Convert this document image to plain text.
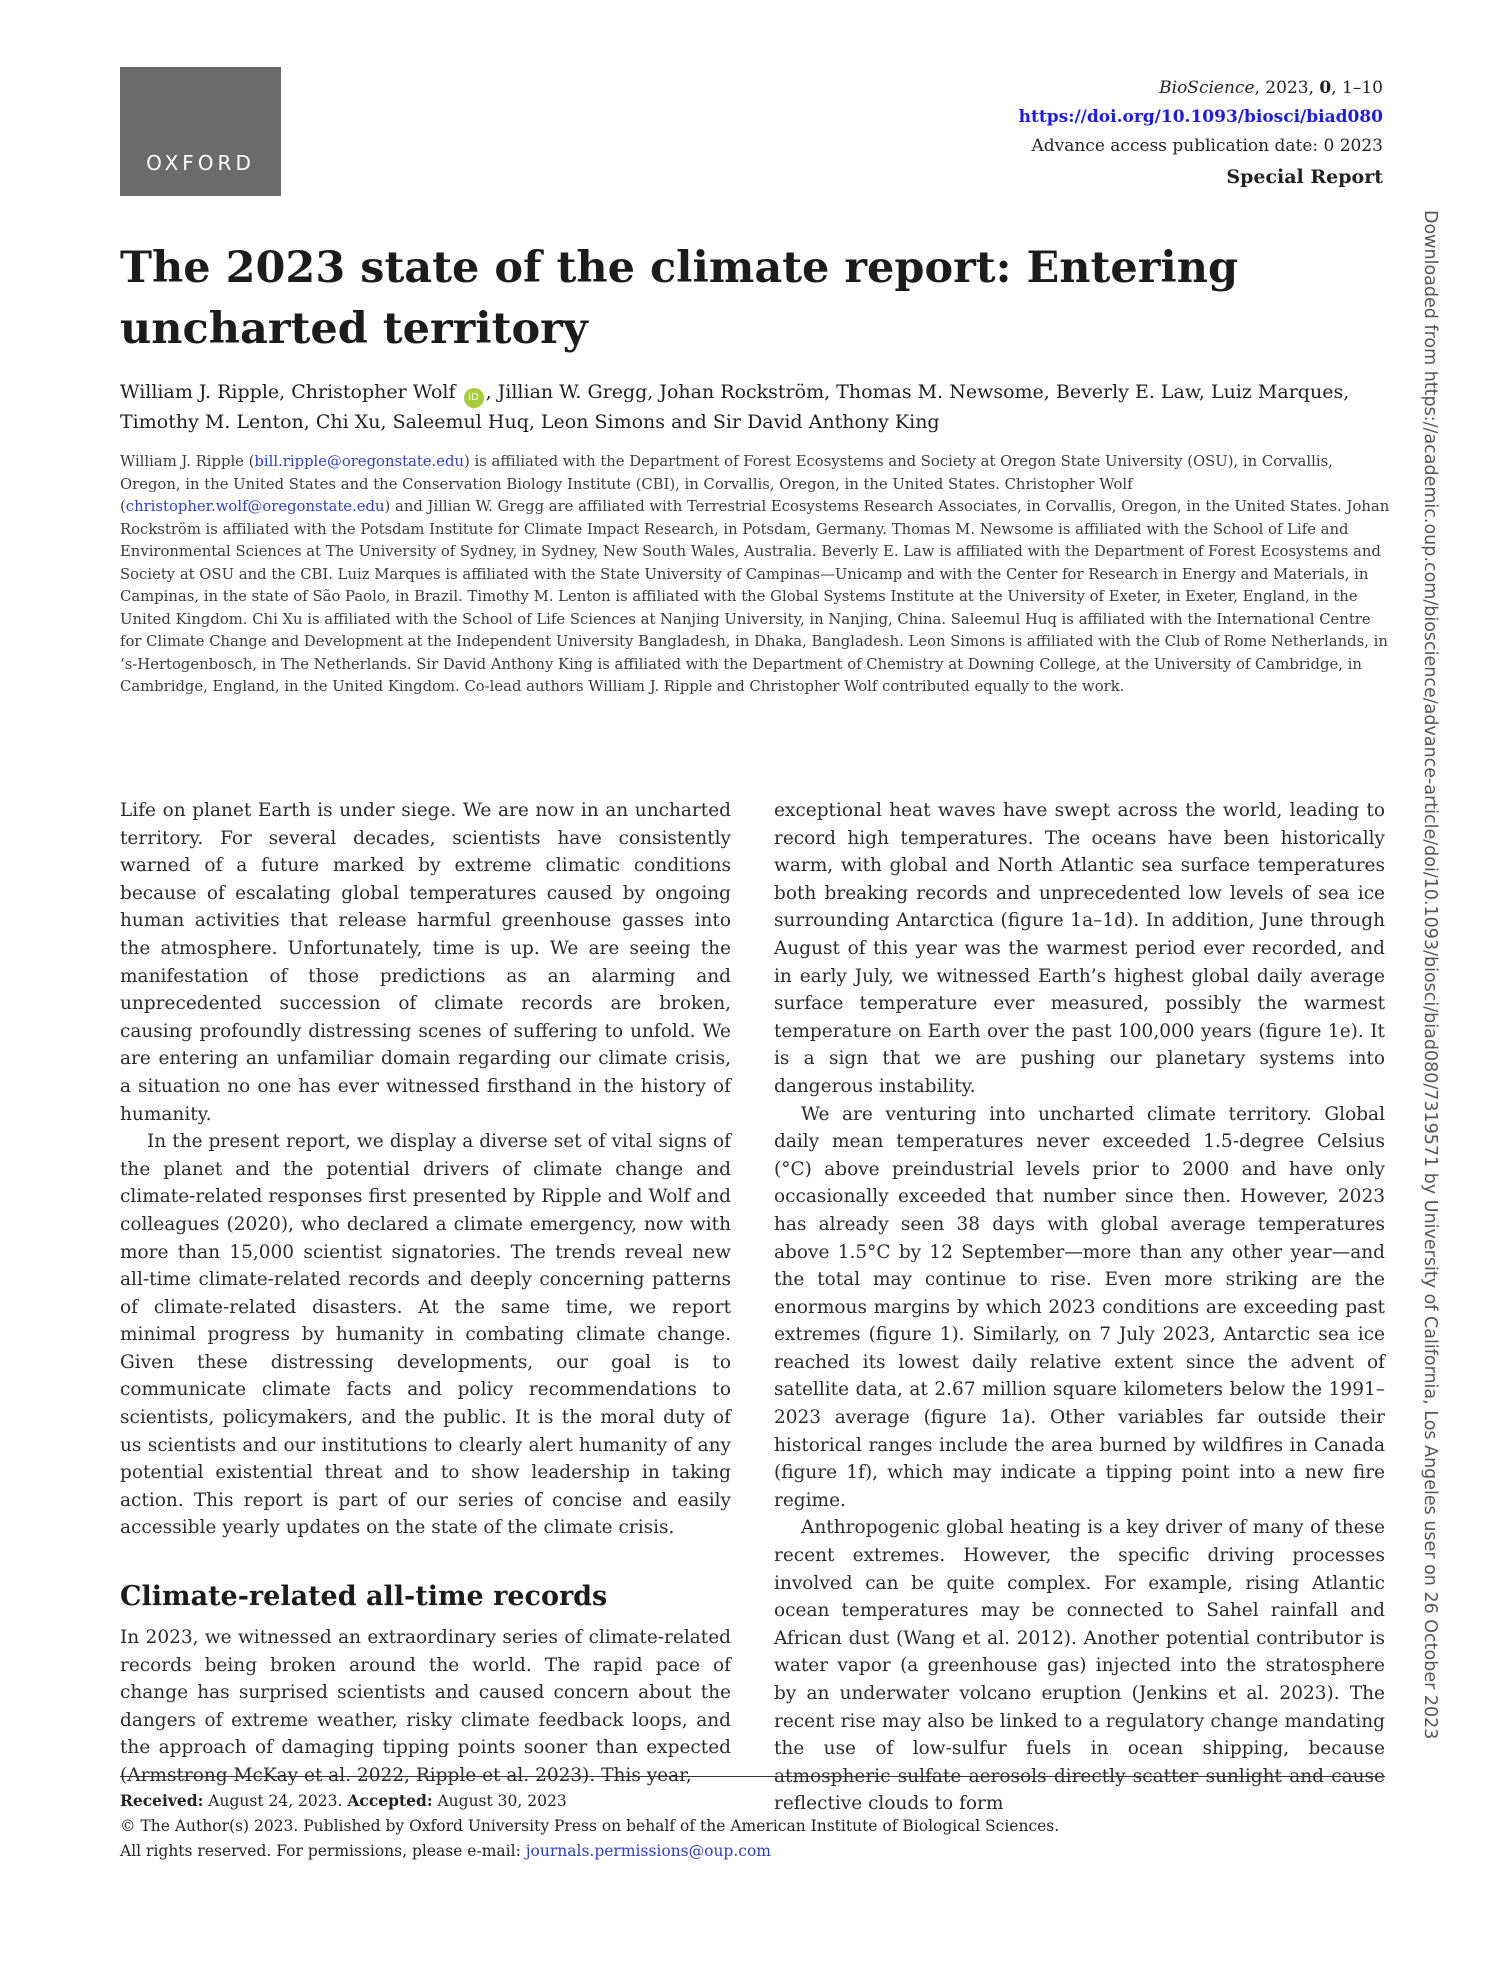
OXFORD
BioScience, 2023, 0, 1–10
https://doi.org/10.1093/biosci/biad080
Advance access publication date: 0 2023
Special Report
The 2023 state of the climate report: Entering uncharted territory
William J. Ripple, Christopher Wolf iD , Jillian W. Gregg, Johan Rockström, Thomas M. Newsome, Beverly E. Law, Luiz Marques, Timothy M. Lenton, Chi Xu, Saleemul Huq, Leon Simons and Sir David Anthony King
William J. Ripple (bill.ripple@oregonstate.edu) is affiliated with the Department of Forest Ecosystems and Society at Oregon State University (OSU), in Corvallis, Oregon, in the United States and the Conservation Biology Institute (CBI), in Corvallis, Oregon, in the United States. Christopher Wolf (christopher.wolf@oregonstate.edu) and Jillian W. Gregg are affiliated with Terrestrial Ecosystems Research Associates, in Corvallis, Oregon, in the United States. Johan Rockström is affiliated with the Potsdam Institute for Climate Impact Research, in Potsdam, Germany. Thomas M. Newsome is affiliated with the School of Life and Environmental Sciences at The University of Sydney, in Sydney, New South Wales, Australia. Beverly E. Law is affiliated with the Department of Forest Ecosystems and Society at OSU and the CBI. Luiz Marques is affiliated with the State University of Campinas—Unicamp and with the Center for Research in Energy and Materials, in Campinas, in the state of São Paolo, in Brazil. Timothy M. Lenton is affiliated with the Global Systems Institute at the University of Exeter, in Exeter, England, in the United Kingdom. Chi Xu is affiliated with the School of Life Sciences at Nanjing University, in Nanjing, China. Saleemul Huq is affiliated with the International Centre for Climate Change and Development at the Independent University Bangladesh, in Dhaka, Bangladesh. Leon Simons is affiliated with the Club of Rome Netherlands, in ‘s-Hertogenbosch, in The Netherlands. Sir David Anthony King is affiliated with the Department of Chemistry at Downing College, at the University of Cambridge, in Cambridge, England, in the United Kingdom. Co-lead authors William J. Ripple and Christopher Wolf contributed equally to the work.

Life on planet Earth is under siege. We are now in an uncharted territory. For several decades, scientists have consistently warned of a future marked by extreme climatic conditions because of escalating global temperatures caused by ongoing human activities that release harmful greenhouse gasses into the atmosphere. Unfortunately, time is up. We are seeing the manifestation of those predictions as an alarming and unprecedented succession of climate records are broken, causing profoundly distressing scenes of suffering to unfold. We are entering an unfamiliar domain regarding our climate crisis, a situation no one has ever witnessed firsthand in the history of humanity.

In the present report, we display a diverse set of vital signs of the planet and the potential drivers of climate change and climate-related responses first presented by Ripple and Wolf and colleagues (2020), who declared a climate emergency, now with more than 15,000 scientist signatories. The trends reveal new all-time climate-related records and deeply concerning patterns of climate-related disasters. At the same time, we report minimal progress by humanity in combating climate change. Given these distressing developments, our goal is to communicate climate facts and policy recommendations to scientists, policymakers, and the public. It is the moral duty of us scientists and our institutions to clearly alert humanity of any potential existential threat and to show leadership in taking action. This report is part of our series of concise and easily accessible yearly updates on the state of the climate crisis.

Climate-related all-time records

In 2023, we witnessed an extraordinary series of climate-related records being broken around the world. The rapid pace of change has surprised scientists and caused concern about the dangers of extreme weather, risky climate feedback loops, and the approach of damaging tipping points sooner than expected (Armstrong McKay et al. 2022, Ripple et al. 2023). This year,

exceptional heat waves have swept across the world, leading to record high temperatures. The oceans have been historically warm, with global and North Atlantic sea surface temperatures both breaking records and unprecedented low levels of sea ice surrounding Antarctica (figure 1a–1d). In addition, June through August of this year was the warmest period ever recorded, and in early July, we witnessed Earth’s highest global daily average surface temperature ever measured, possibly the warmest temperature on Earth over the past 100,000 years (figure 1e). It is a sign that we are pushing our planetary systems into dangerous instability.

We are venturing into uncharted climate territory. Global daily mean temperatures never exceeded 1.5-degree Celsius (°C) above preindustrial levels prior to 2000 and have only occasionally exceeded that number since then. However, 2023 has already seen 38 days with global average temperatures above 1.5°C by 12 September—more than any other year—and the total may continue to rise. Even more striking are the enormous margins by which 2023 conditions are exceeding past extremes (figure 1). Similarly, on 7 July 2023, Antarctic sea ice reached its lowest daily relative extent since the advent of satellite data, at 2.67 million square kilometers below the 1991–2023 average (figure 1a). Other variables far outside their historical ranges include the area burned by wildfires in Canada (figure 1f), which may indicate a tipping point into a new fire regime.

Anthropogenic global heating is a key driver of many of these recent extremes. However, the specific driving processes involved can be quite complex. For example, rising Atlantic ocean temperatures may be connected to Sahel rainfall and African dust (Wang et al. 2012). Another potential contributor is water vapor (a greenhouse gas) injected into the stratosphere by an underwater volcano eruption (Jenkins et al. 2023). The recent rise may also be linked to a regulatory change mandating the use of low-sulfur fuels in ocean shipping, because atmospheric sulfate aerosols directly scatter sunlight and cause reflective clouds to form

Downloaded from https://academic.oup.com/bioscience/advance-article/doi/10.1093/biosci/biad080/7319571 by University of California, Los Angeles user on 26 October 2023
Received: August 24, 2023. Accepted: August 30, 2023
© The Author(s) 2023. Published by Oxford University Press on behalf of the American Institute of Biological Sciences.
All rights reserved. For permissions, please e-mail: journals.permissions@oup.com
